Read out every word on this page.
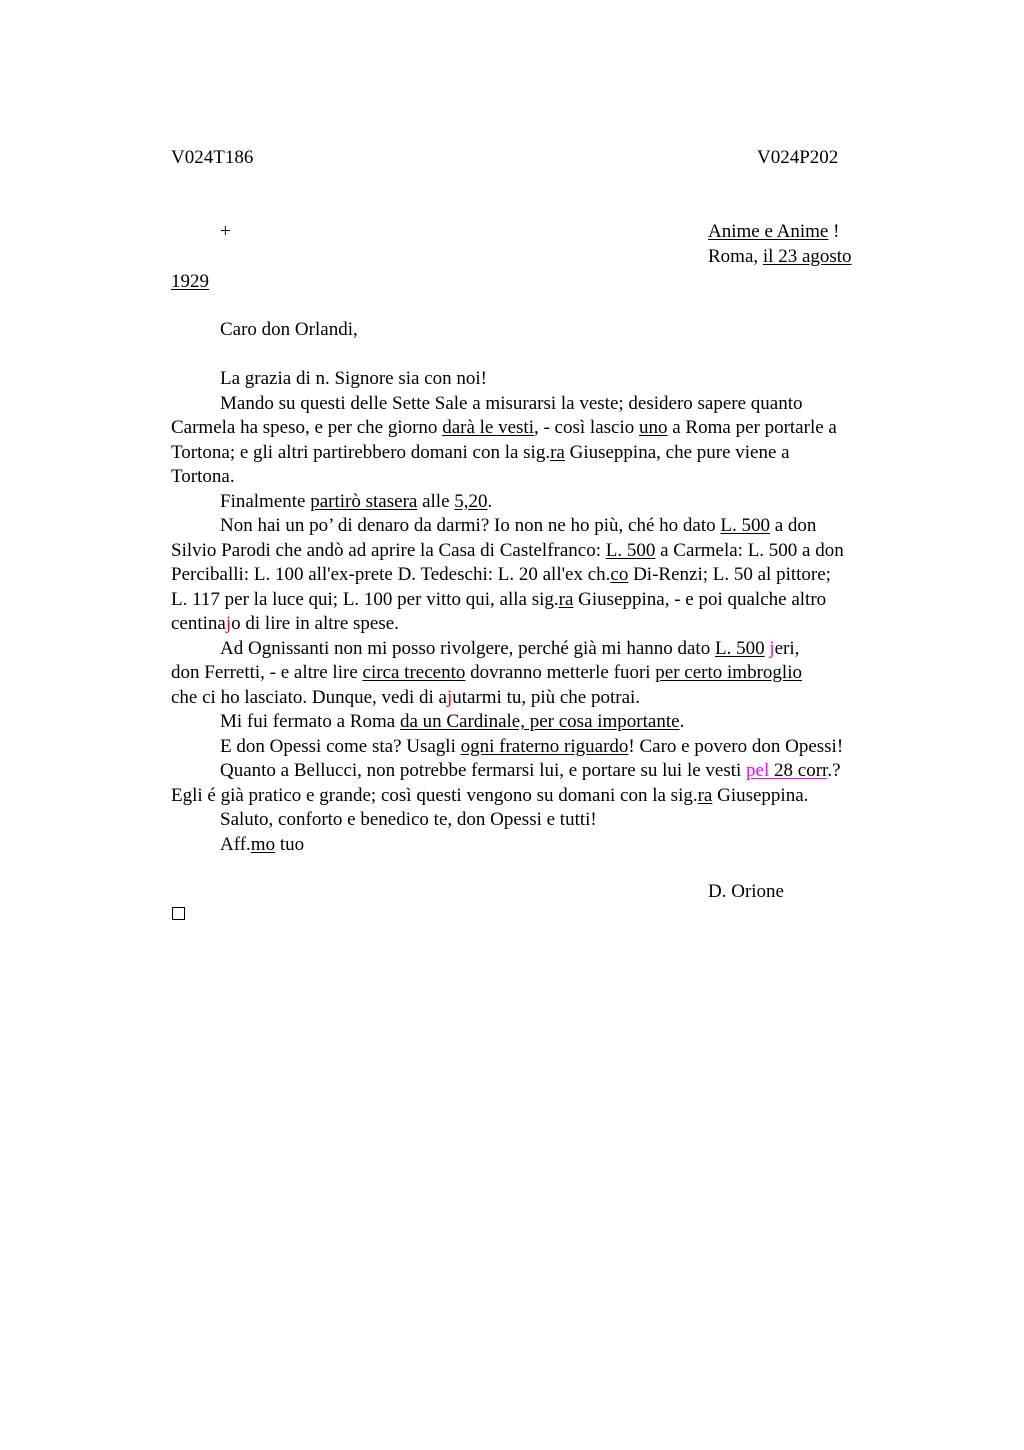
V024T186	V024P202
+	Anime e Anime !
Roma, il 23 agosto
1929
Caro don Orlandi,

La grazia di n. Signore sia con noi!

Mando su questi delle Sette Sale a misurarsi la veste; desidero sapere quanto
Carmela ha speso, e per che giorno darà le vesti, - così lascio uno a Roma per portarle a
Tortona; e gli altri partirebbero domani con la sig.ra Giuseppina, che pure viene a
Tortona.

Finalmente partirò stasera alle 5,20.

Non hai un po’ di denaro da darmi? Io non ne ho più, ché ho dato L. 500 a don
Silvio Parodi che andò ad aprire la Casa di Castelfranco: L. 500 a Carmela: L. 500 a don
Perciballi: L. 100 all'ex-prete D. Tedeschi: L. 20 all'ex ch.co Di-Renzi; L. 50 al pittore;
L. 117 per la luce qui; L. 100 per vitto qui, alla sig.ra Giuseppina, - e poi qualche altro
centinajo di lire in altre spese.

Ad Ognissanti non mi posso rivolgere, perché già mi hanno dato L. 500 jeri,
don Ferretti, - e altre lire circa trecento dovranno metterle fuori per certo imbroglio
che ci ho lasciato. Dunque, vedi di ajutarmi tu, più che potrai.

Mi fui fermato a Roma da un Cardinale, per cosa importante.

E don Opessi come sta? Usagli ogni fraterno riguardo! Caro e povero don Opessi!

Quanto a Bellucci, non potrebbe fermarsi lui, e portare su lui le vesti pel 28 corr.?
Egli é già pratico e grande; così questi vengono su domani con la sig.ra Giuseppina.

Saluto, conforto e benedico te, don Opessi e tutti!

Aff.mo tuo

D. Orione
